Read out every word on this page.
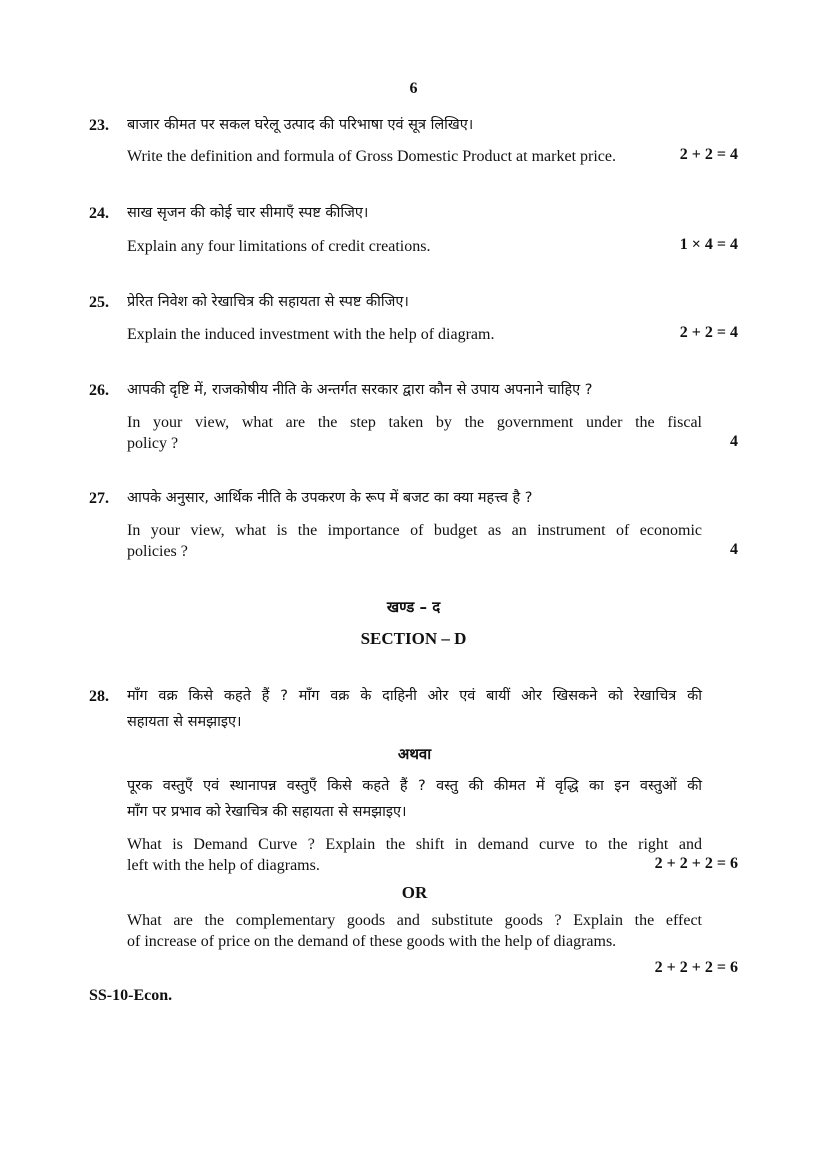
6
23. बाजार कीमत पर सकल घरेलू उत्पाद की परिभाषा एवं सूत्र लिखिए।
Write the definition and formula of Gross Domestic Product at market price.	2 + 2 = 4
24. साख सृजन की कोई चार सीमाएँ स्पष्ट कीजिए।
Explain any four limitations of credit creations.	1 × 4 = 4
25. प्रेरित निवेश को रेखाचित्र की सहायता से स्पष्ट कीजिए।
Explain the induced investment with the help of diagram.	2 + 2 = 4
26. आपकी दृष्टि में, राजकोषीय नीति के अन्तर्गत सरकार द्वारा कौन से उपाय अपनाने चाहिए ?
In your view, what are the step taken by the government under the fiscal
policy ?	4
27. आपके अनुसार, आर्थिक नीति के उपकरण के रूप में बजट का क्या महत्त्व है ?
In your view, what is the importance of budget as an instrument of economic
policies ?	4
खण्ड – द
SECTION – D
28. माँग वक्र किसे कहते हैं ? माँग वक्र के दाहिनी ओर एवं बायीं ओर खिसकने को रेखाचित्र की
सहायता से समझाइए।
अथवा
पूरक वस्तुएँ एवं स्थानापन्न वस्तुएँ किसे कहते हैं ? वस्तु की कीमत में वृद्धि का इन वस्तुओं की
माँग पर प्रभाव को रेखाचित्र की सहायता से समझाइए।
What is Demand Curve ? Explain the shift in demand curve to the right and
left with the help of diagrams.	2 + 2 + 2 = 6
OR
What are the complementary goods and substitute goods ? Explain the effect
of increase of price on the demand of these goods with the help of diagrams.
2 + 2 + 2 = 6
SS-10-Econ.
